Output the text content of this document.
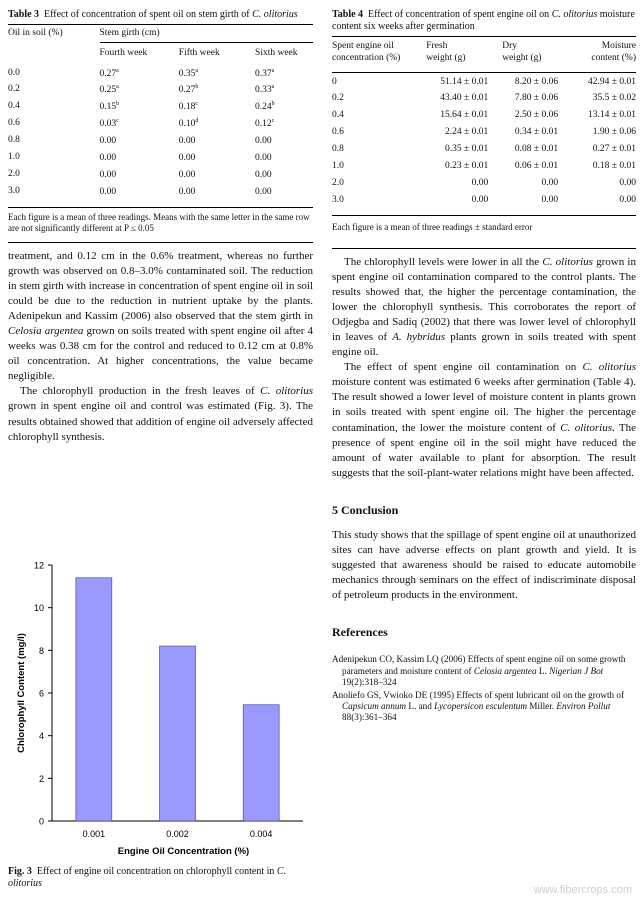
Table 3 Effect of concentration of spent oil on stem girth of C. olitorius

Oil in soil (%)	Stem girth (cm)		
	Fourth week	Fifth week	Sixth week
0.0	0.27$^a$	0.35$^a$	0.37$^a$
0.2	0.25$^a$	0.27$^b$	0.33$^a$
0.4	0.15$^b$	0.18$^c$	0.24$^b$
0.6	0.03$^c$	0.10$^d$	0.12$^c$
0.8	0.00	0.00	0.00
1.0	0.00	0.00	0.00
2.0	0.00	0.00	0.00
3.0	0.00	0.00	0.00

Each figure is a mean of three readings. Means with the same letter in the same row are not significantly different at P ≤ 0.05

treatment, and 0.12 cm in the 0.6% treatment, whereas no further growth was observed on 0.8–3.0% contaminated soil. The reduction in stem girth with increase in concentration of spent engine oil in soil could be due to the reduction in nutrient uptake by the plants. Adenipekun and Kassim (2006) also observed that the stem girth in Celosia argentea grown on soils treated with spent engine oil after 4 weeks was 0.38 cm for the control and reduced to 0.12 cm at 0.8% oil concentration. At higher concentrations, the value became negligible.

The chlorophyll production in the fresh leaves of C. olitorius grown in spent engine oil and control was estimated (Fig. 3). The results obtained showed that addition of engine oil adversely affected chlorophyll synthesis.

0
2
4
6
8
10
12
0.001	0.002	0.004
Engine Oil Concentration (%)
Chlorophyll Content (mg/l)

Fig. 3 Effect of engine oil concentration on chlorophyll content in C. olitorius

Table 4 Effect of concentration of spent engine oil on C. olitorius moisture content six weeks after germination

Spent engine oil
concentration (%)	Fresh
weight (g)	Dry
weight (g)	Moisture
content (%)
0	51.14 ± 0.01	8.20 ± 0.06	42.94 ± 0.01
0.2	43.40 ± 0.01	7.80 ± 0.06	35.5 ± 0.02
0.4	15.64 ± 0.01	2.50 ± 0.06	13.14 ± 0.01
0.6	2.24 ± 0.01	0.34 ± 0.01	1.90 ± 0.06
0.8	0.35 ± 0.01	0.08 ± 0.01	0.27 ± 0.01
1.0	0.23 ± 0.01	0.06 ± 0.01	0.18 ± 0.01
2.0	0.00	0.00	0.00
3.0	0.00	0.00	0.00

Each figure is a mean of three readings ± standard error

The chlorophyll levels were lower in all the C. olitorius grown in spent engine oil contamination compared to the control plants. The results showed that, the higher the percentage contamination, the lower the chlorophyll synthesis. This corroborates the report of Odjegba and Sadiq (2002) that there was lower level of chlorophyll in leaves of A. hybridus plants grown in soils treated with spent engine oil.

The effect of spent engine oil contamination on C. olitorius moisture content was estimated 6 weeks after germination (Table 4). The result showed a lower level of moisture content in plants grown in soils treated with spent engine oil. The higher the percentage contamination, the lower the moisture content of C. olitorius. The presence of spent engine oil in the soil might have reduced the amount of water available to plant for absorption. The result suggests that the soil-plant-water relations might have been affected.

5 Conclusion

This study shows that the spillage of spent engine oil at unauthorized sites can have adverse effects on plant growth and yield. It is suggested that awareness should be raised to educate automobile mechanics through seminars on the effect of indiscriminate disposal of petroleum products in the environment.

References

Adenipekun CO, Kassim LQ (2006) Effects of spent engine oil on some growth parameters and moisture content of Celosia argentea L. Nigerian J Bot 19(2):318–324

Anoliefo GS, Vwioko DE (1995) Effects of spent lubricant oil on the growth of Capsicum annum L. and Lycopersicon esculentum Miller. Environ Pollut 88(3):361–364

www.fibercrops.com
